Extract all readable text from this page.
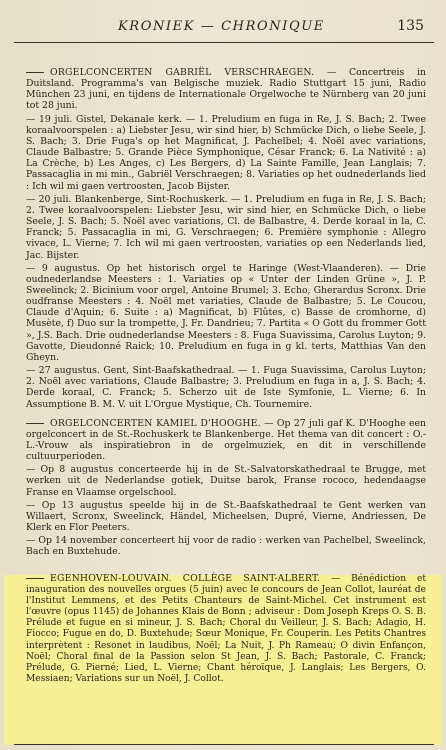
KRONIEK — CHRONIQUE	135

ORGELCONCERTEN GABRIËL VERSCHRAEGEN. — Concertreis in Duitsland. Programma's van Belgische muziek. Radio Stuttgart 15 juni, Radio München 23 juni, en tijdens de Internationale Orgelwoche te Nürnberg van 20 juni tot 28 juni.

— 19 juli. Gistel, Dekanale kerk. — 1. Preludium en fuga in Re, J. S. Bach; 2. Twee koraalvoorspelen : a) Liebster Jesu, wir sind hier, b) Schmücke Dich, o liebe Seele, J. S. Bach; 3. Drie Fuga's op het Magnificat, J. Pachelbel; 4. Noël avec variations, Claude Balbastre; 5. Grande Pièce Symphonique, César Franck; 6. La Nativité : a) La Crèche, b) Les Anges, c) Les Bergers, d) La Sainte Famille, Jean Langlais; 7. Passacaglia in mi min., Gabriël Verschraegen; 8. Variaties op het oudnederlands lied : Ich wil mi gaen vertroosten, Jacob Bijster.

— 20 juli. Blankenberge, Sint-Rochuskerk. — 1. Preludium en fuga in Re, J. S. Bach; 2. Twee koraalvoorspelen: Liebster Jesu, wir sind hier, en Schmücke Dich, o liebe Seele, J. S. Bach; 5. Noël avec variations, Cl. de Balbastre, 4. Derde koraal in la, C. Franck; 5. Passacaglia in mi, G. Verschraegen; 6. Première symphonie : Allegro vivace, L. Vierne; 7. Ich wil mi gaen vertroosten, variaties op een Nederlands lied, Jac. Bijster.

— 9 augustus. Op het historisch orgel te Haringe (West-Vlaanderen). — Drie oudnederlandse Meesters : 1. Variaties op « Unter der Linden Grüne », J. P. Sweelinck; 2. Bicinium voor orgel, Antoine Brumel; 3. Echo, Gherardus Scronx. Drie oudfranse Meesters : 4. Noël met variaties, Claude de Balbastre; 5. Le Coucou, Claude d'Aquin; 6. Suite : a) Magnificat, b) Flûtes, c) Basse de cromhorne, d) Musète, f) Duo sur la trompette, J. Fr. Dandrieu; 7. Partita « O Gott du frommer Gott », J.S. Bach. Drie oudnederlandse Meesters : 8. Fuga Suavissima, Carolus Luyton; 9. Gavotte, Dieudonné Raick; 10. Preludium en fuga in g kl. terts, Matthias Van den Gheyn.

— 27 augustus. Gent, Sint-Baafskathedraal. — 1. Fuga Suavissima, Carolus Luyton; 2. Noël avec variations, Claude Balbastre; 3. Preludium en fuga in a, J. S. Bach; 4. Derde koraal, C. Franck; 5. Scherzo uit de Iste Symfonie, L. Vierne; 6. In Assumptione B. M. V. uit L'Orgue Mystique, Ch. Tournemire.

ORGELCONCERTEN KAMIEL D'HOOGHE. — Op 27 juli gaf K. D'Hooghe een orgelconcert in de St.-Rochuskerk te Blankenberge. Het thema van dit concert : O.-L.-Vrouw als inspiratiebron in de orgelmuziek, en dit in verschillende cultuurperioden.

— Op 8 augustus concerteerde hij in de St.-Salvatorskathedraal te Brugge, met werken uit de Nederlandse gotiek, Duitse barok, Franse rococo, hedendaagse Franse en Vlaamse orgelschool.

— Op 13 augustus speelde hij in de St.-Baafskathedraal te Gent werken van Willaert, Scronx, Sweelinck, Händel, Micheelsen, Dupré, Vierne, Andriessen, De Klerk en Flor Peeters.

— Op 14 november concerteert hij voor de radio : werken van Pachelbel, Sweelinck, Bach en Buxtehude.

EGENHOVEN-LOUVAIN. COLLÈGE SAINT-ALBERT. — Bénédiction et inauguration des nouvelles orgues (5 juin) avec le concours de Jean Collot, lauréat de l'Institut Lemmens, et des Petits Chanteurs de Saint-Michel. Cet instrument est l'œuvre (opus 1145) de Johannes Klais de Bonn ; adviseur : Dom Joseph Kreps O. S. B. Prélude et fugue en si mineur, J. S. Bach; Choral du Veilleur, J. S. Bach; Adagio, H. Fiocco; Fugue en do, D. Buxtehude; Sœur Monique, Fr. Couperin. Les Petits Chantres interprètent : Resonet in laudibus, Noël; La Nuit, J. Ph Rameau; O divin Enfançon, Noël; Choral final de la Passion selon St Jean, J. S. Bach; Pastorale, C. Franck; Prélude, G. Pierné; Lied, L. Vierne; Chant héroïque, J. Langlais; Les Bergers, O. Messiaen; Variations sur un Noël, J. Collot.
